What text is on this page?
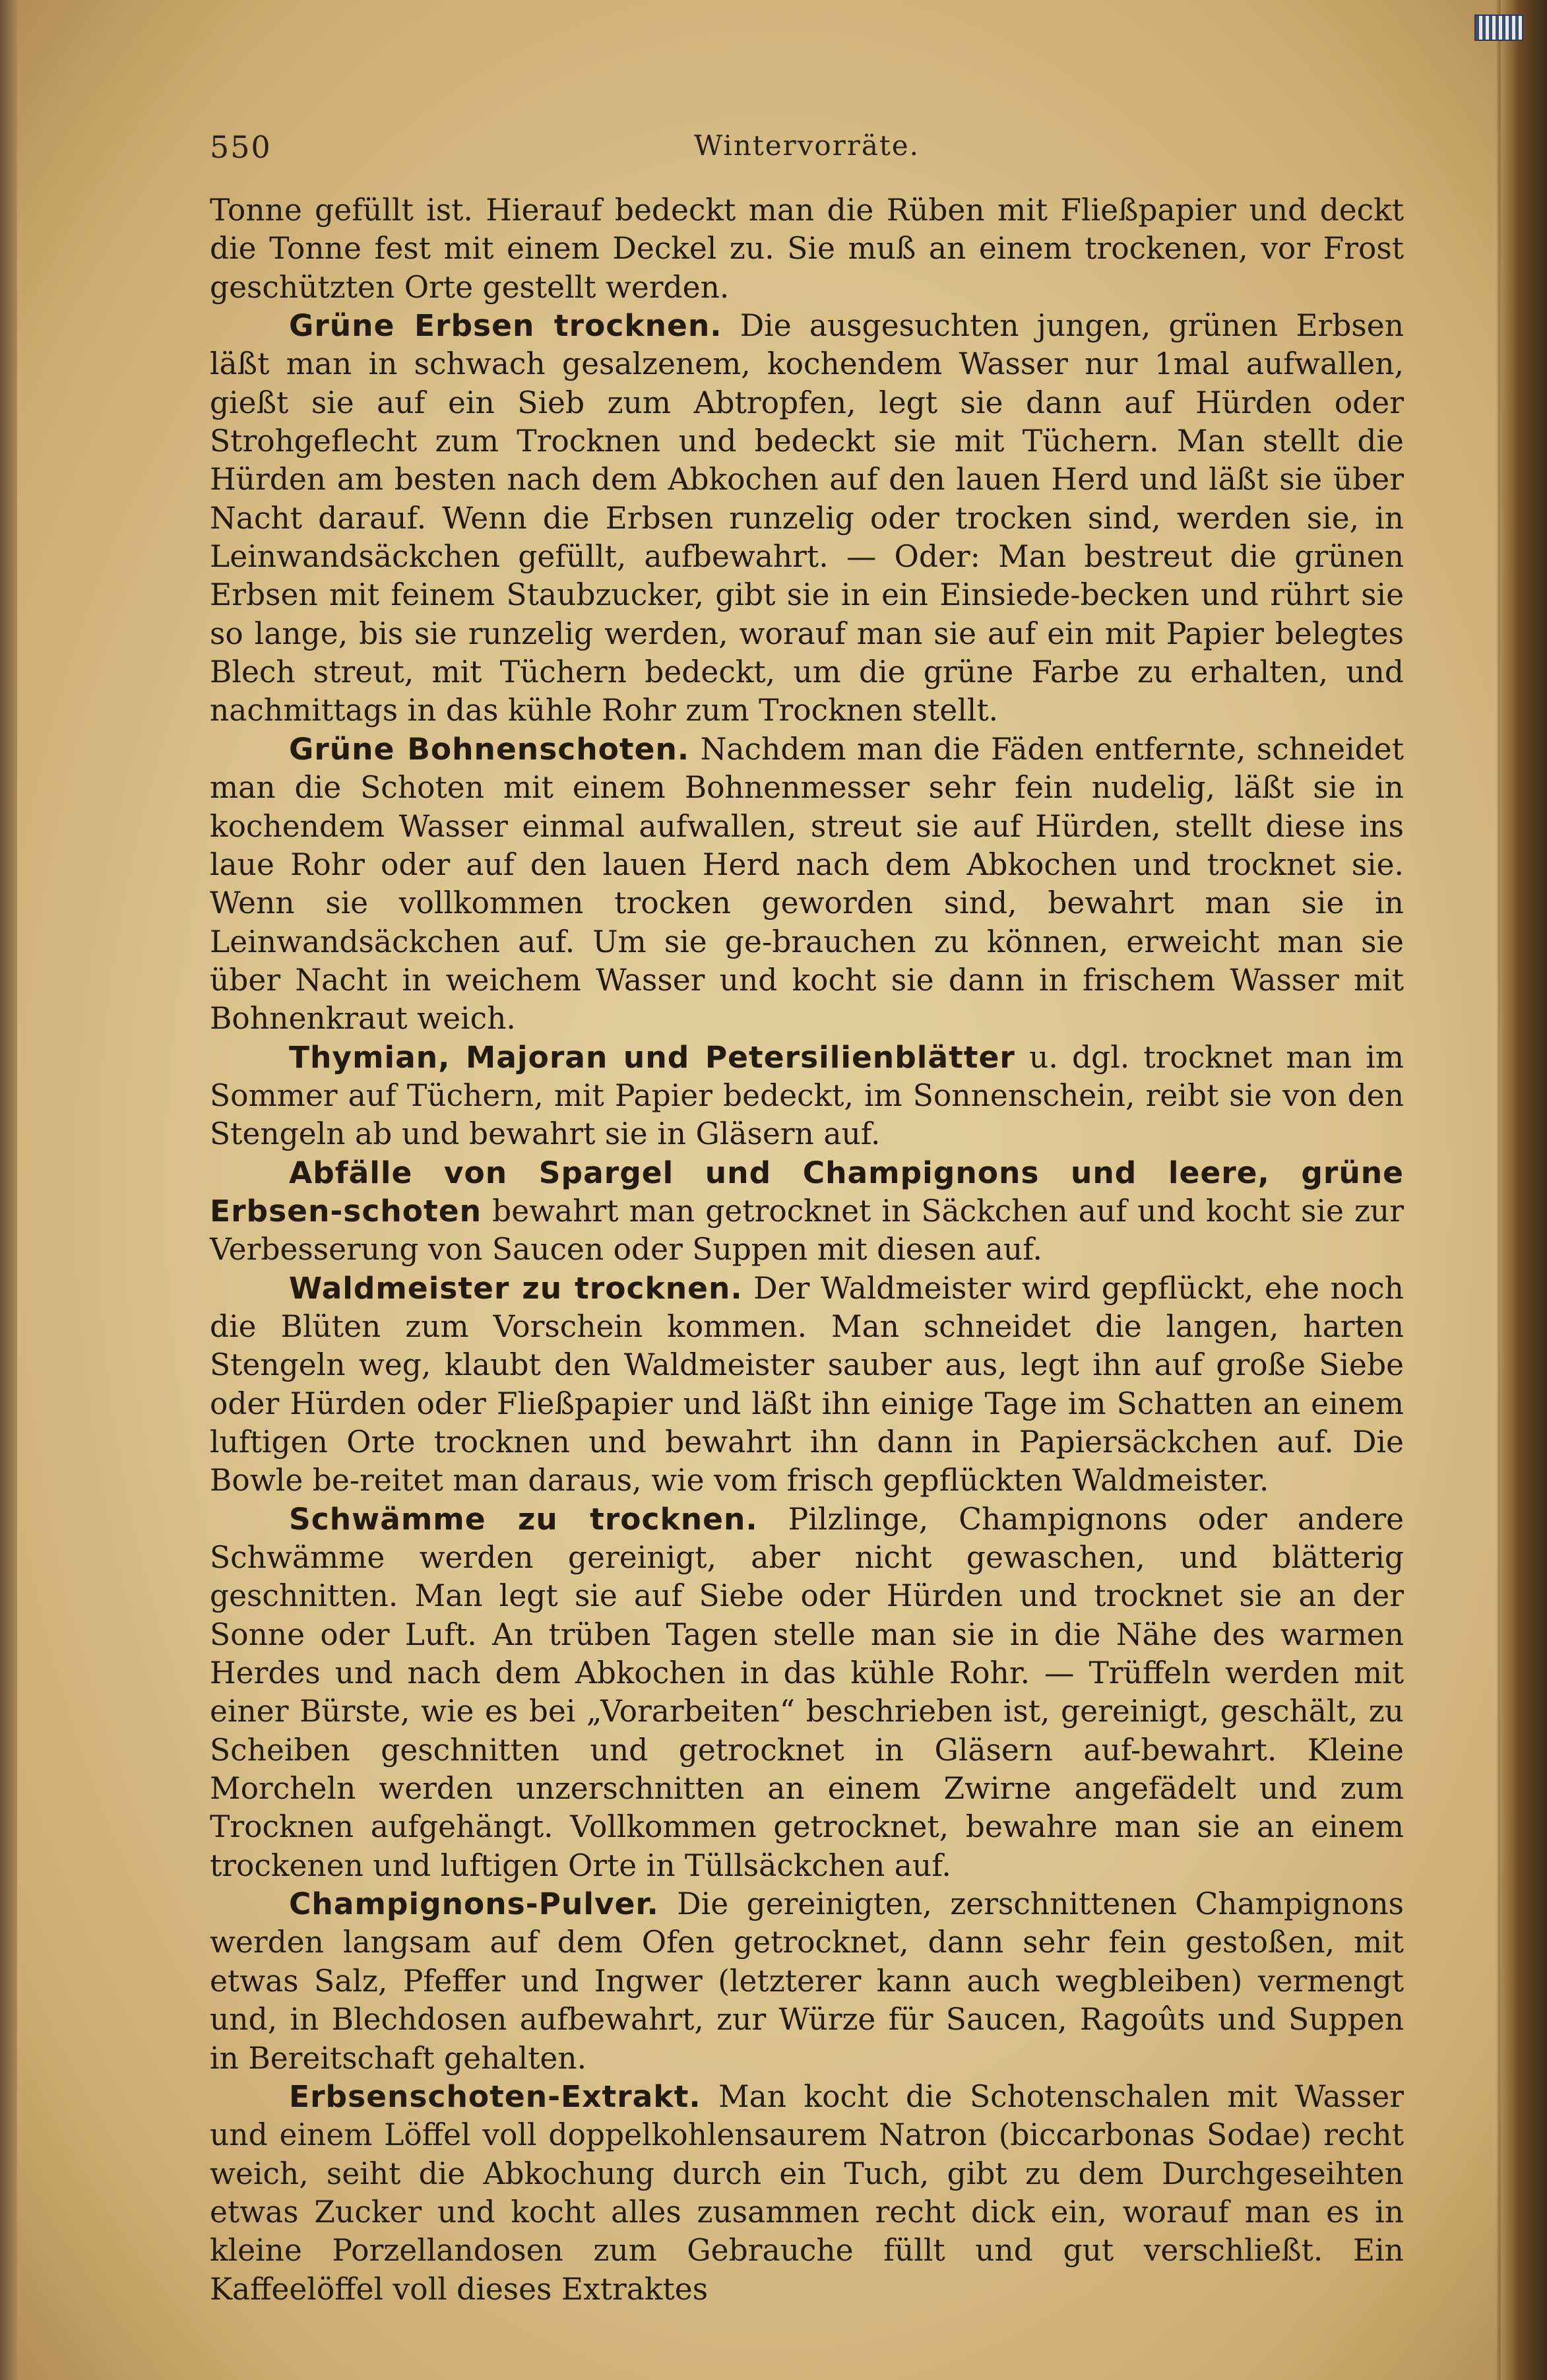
550	Wintervorräte.

Tonne gefüllt ist. Hierauf bedeckt man die Rüben mit Fließpapier und deckt die Tonne fest mit einem Deckel zu. Sie muß an einem trockenen, vor Frost geschützten Orte gestellt werden.

Grüne Erbsen trocknen. Die ausgesuchten jungen, grünen Erbsen läßt man in schwach gesalzenem, kochendem Wasser nur 1mal aufwallen, gießt sie auf ein Sieb zum Abtropfen, legt sie dann auf Hürden oder Strohgeflecht zum Trocknen und bedeckt sie mit Tüchern. Man stellt die Hürden am besten nach dem Abkochen auf den lauen Herd und läßt sie über Nacht darauf. Wenn die Erbsen runzelig oder trocken sind, werden sie, in Leinwandsäckchen gefüllt, aufbewahrt. — Oder: Man bestreut die grünen Erbsen mit feinem Staubzucker, gibt sie in ein Einsiede-becken und rührt sie so lange, bis sie runzelig werden, worauf man sie auf ein mit Papier belegtes Blech streut, mit Tüchern bedeckt, um die grüne Farbe zu erhalten, und nachmittags in das kühle Rohr zum Trocknen stellt.

Grüne Bohnenschoten. Nachdem man die Fäden entfernte, schneidet man die Schoten mit einem Bohnenmesser sehr fein nudelig, läßt sie in kochendem Wasser einmal aufwallen, streut sie auf Hürden, stellt diese ins laue Rohr oder auf den lauen Herd nach dem Abkochen und trocknet sie. Wenn sie vollkommen trocken geworden sind, bewahrt man sie in Leinwandsäckchen auf. Um sie ge-brauchen zu können, erweicht man sie über Nacht in weichem Wasser und kocht sie dann in frischem Wasser mit Bohnenkraut weich.

Thymian, Majoran und Petersilienblätter u. dgl. trocknet man im Sommer auf Tüchern, mit Papier bedeckt, im Sonnenschein, reibt sie von den Stengeln ab und bewahrt sie in Gläsern auf.

Abfälle von Spargel und Champignons und leere, grüne Erbsen-schoten bewahrt man getrocknet in Säckchen auf und kocht sie zur Verbesserung von Saucen oder Suppen mit diesen auf.

Waldmeister zu trocknen. Der Waldmeister wird gepflückt, ehe noch die Blüten zum Vorschein kommen. Man schneidet die langen, harten Stengeln weg, klaubt den Waldmeister sauber aus, legt ihn auf große Siebe oder Hürden oder Fließpapier und läßt ihn einige Tage im Schatten an einem luftigen Orte trocknen und bewahrt ihn dann in Papiersäckchen auf. Die Bowle be-reitet man daraus, wie vom frisch gepflückten Waldmeister.

Schwämme zu trocknen. Pilzlinge, Champignons oder andere Schwämme werden gereinigt, aber nicht gewaschen, und blätterig geschnitten. Man legt sie auf Siebe oder Hürden und trocknet sie an der Sonne oder Luft. An trüben Tagen stelle man sie in die Nähe des warmen Herdes und nach dem Abkochen in das kühle Rohr. — Trüffeln werden mit einer Bürste, wie es bei „Vorarbeiten“ beschrieben ist, gereinigt, geschält, zu Scheiben geschnitten und getrocknet in Gläsern auf-bewahrt. Kleine Morcheln werden unzerschnitten an einem Zwirne angefädelt und zum Trocknen aufgehängt. Vollkommen getrocknet, bewahre man sie an einem trockenen und luftigen Orte in Tüllsäckchen auf.

Champignons-Pulver. Die gereinigten, zerschnittenen Champignons werden langsam auf dem Ofen getrocknet, dann sehr fein gestoßen, mit etwas Salz, Pfeffer und Ingwer (letzterer kann auch wegbleiben) vermengt und, in Blechdosen aufbewahrt, zur Würze für Saucen, Ragoûts und Suppen in Bereitschaft gehalten.

Erbsenschoten-Extrakt. Man kocht die Schotenschalen mit Wasser und einem Löffel voll doppelkohlensaurem Natron (biccarbonas Sodae) recht weich, seiht die Abkochung durch ein Tuch, gibt zu dem Durchgeseihten etwas Zucker und kocht alles zusammen recht dick ein, worauf man es in kleine Porzellandosen zum Gebrauche füllt und gut verschließt. Ein Kaffeelöffel voll dieses Extraktes
